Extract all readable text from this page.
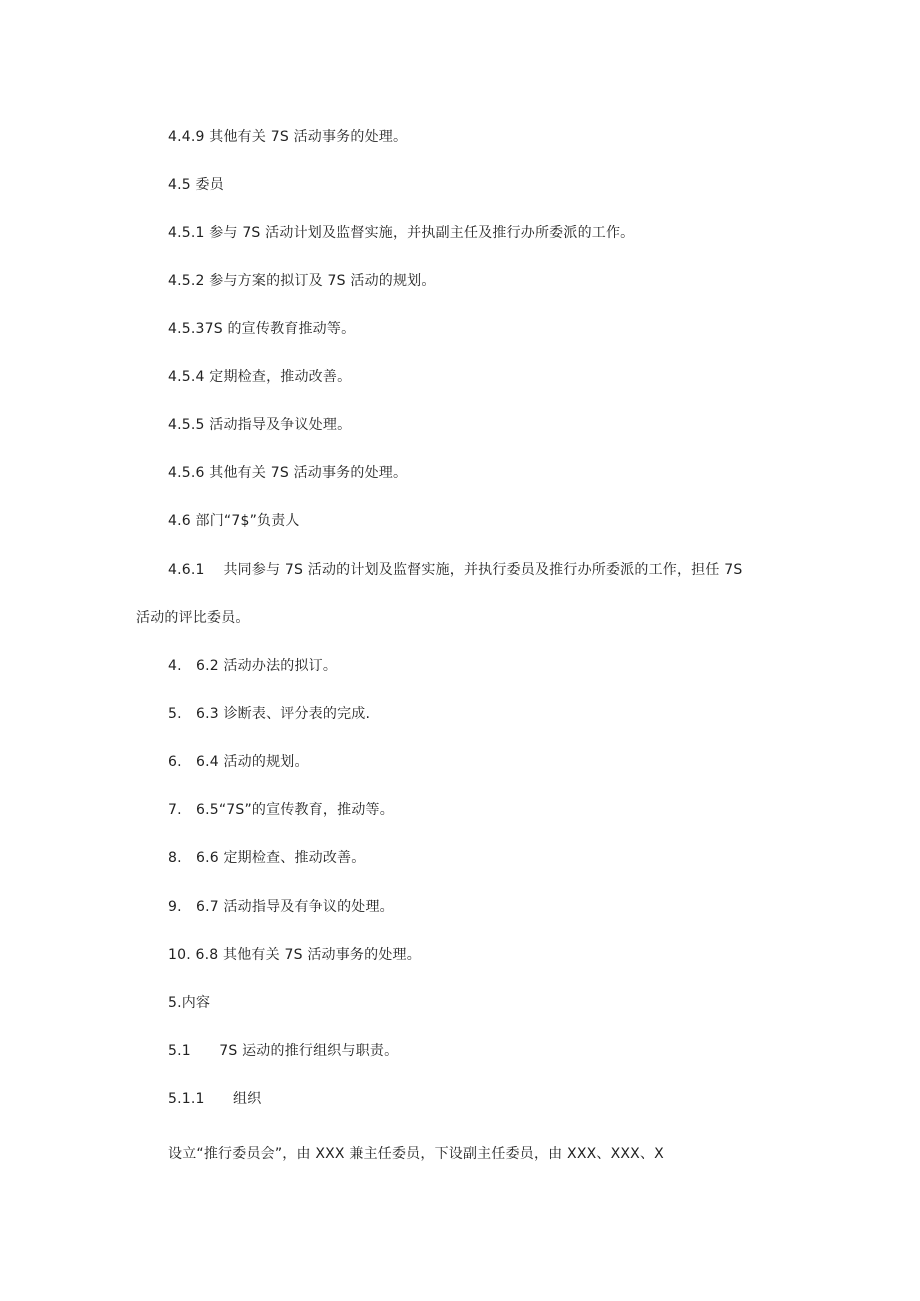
4.4.9 其他有关 7S 活动事务的处理。
4.5 委员
4.5.1 参与 7S 活动计划及监督实施，并执副主任及推行办所委派的工作。
4.5.2 参与方案的拟订及 7S 活动的规划。
4.5.37S 的宣传教育推动等。
4.5.4 定期检查，推动改善。
4.5.5 活动指导及争议处理。
4.5.6 其他有关 7S 活动事务的处理。
4.6 部门“7$”负责人
4.6.1　 共同参与 7S 活动的计划及监督实施，并执行委员及推行办所委派的工作，担任 7S
活动的评比委员。
4.　6.2 活动办法的拟订。
5.　6.3 诊断表、评分表的完成.
6.　6.4 活动的规划。
7.　6.5“7S”的宣传教育，推动等。
8.　6.6 定期检查、推动改善。
9.　6.7 活动指导及有争议的处理。
10. 6.8 其他有关 7S 活动事务的处理。
5.内容
5.1　　7S 运动的推行组织与职责。
5.1.1　　组织
设立“推行委员会”，由 XXX 兼主任委员，下设副主任委员，由 XXX、XXX、X
